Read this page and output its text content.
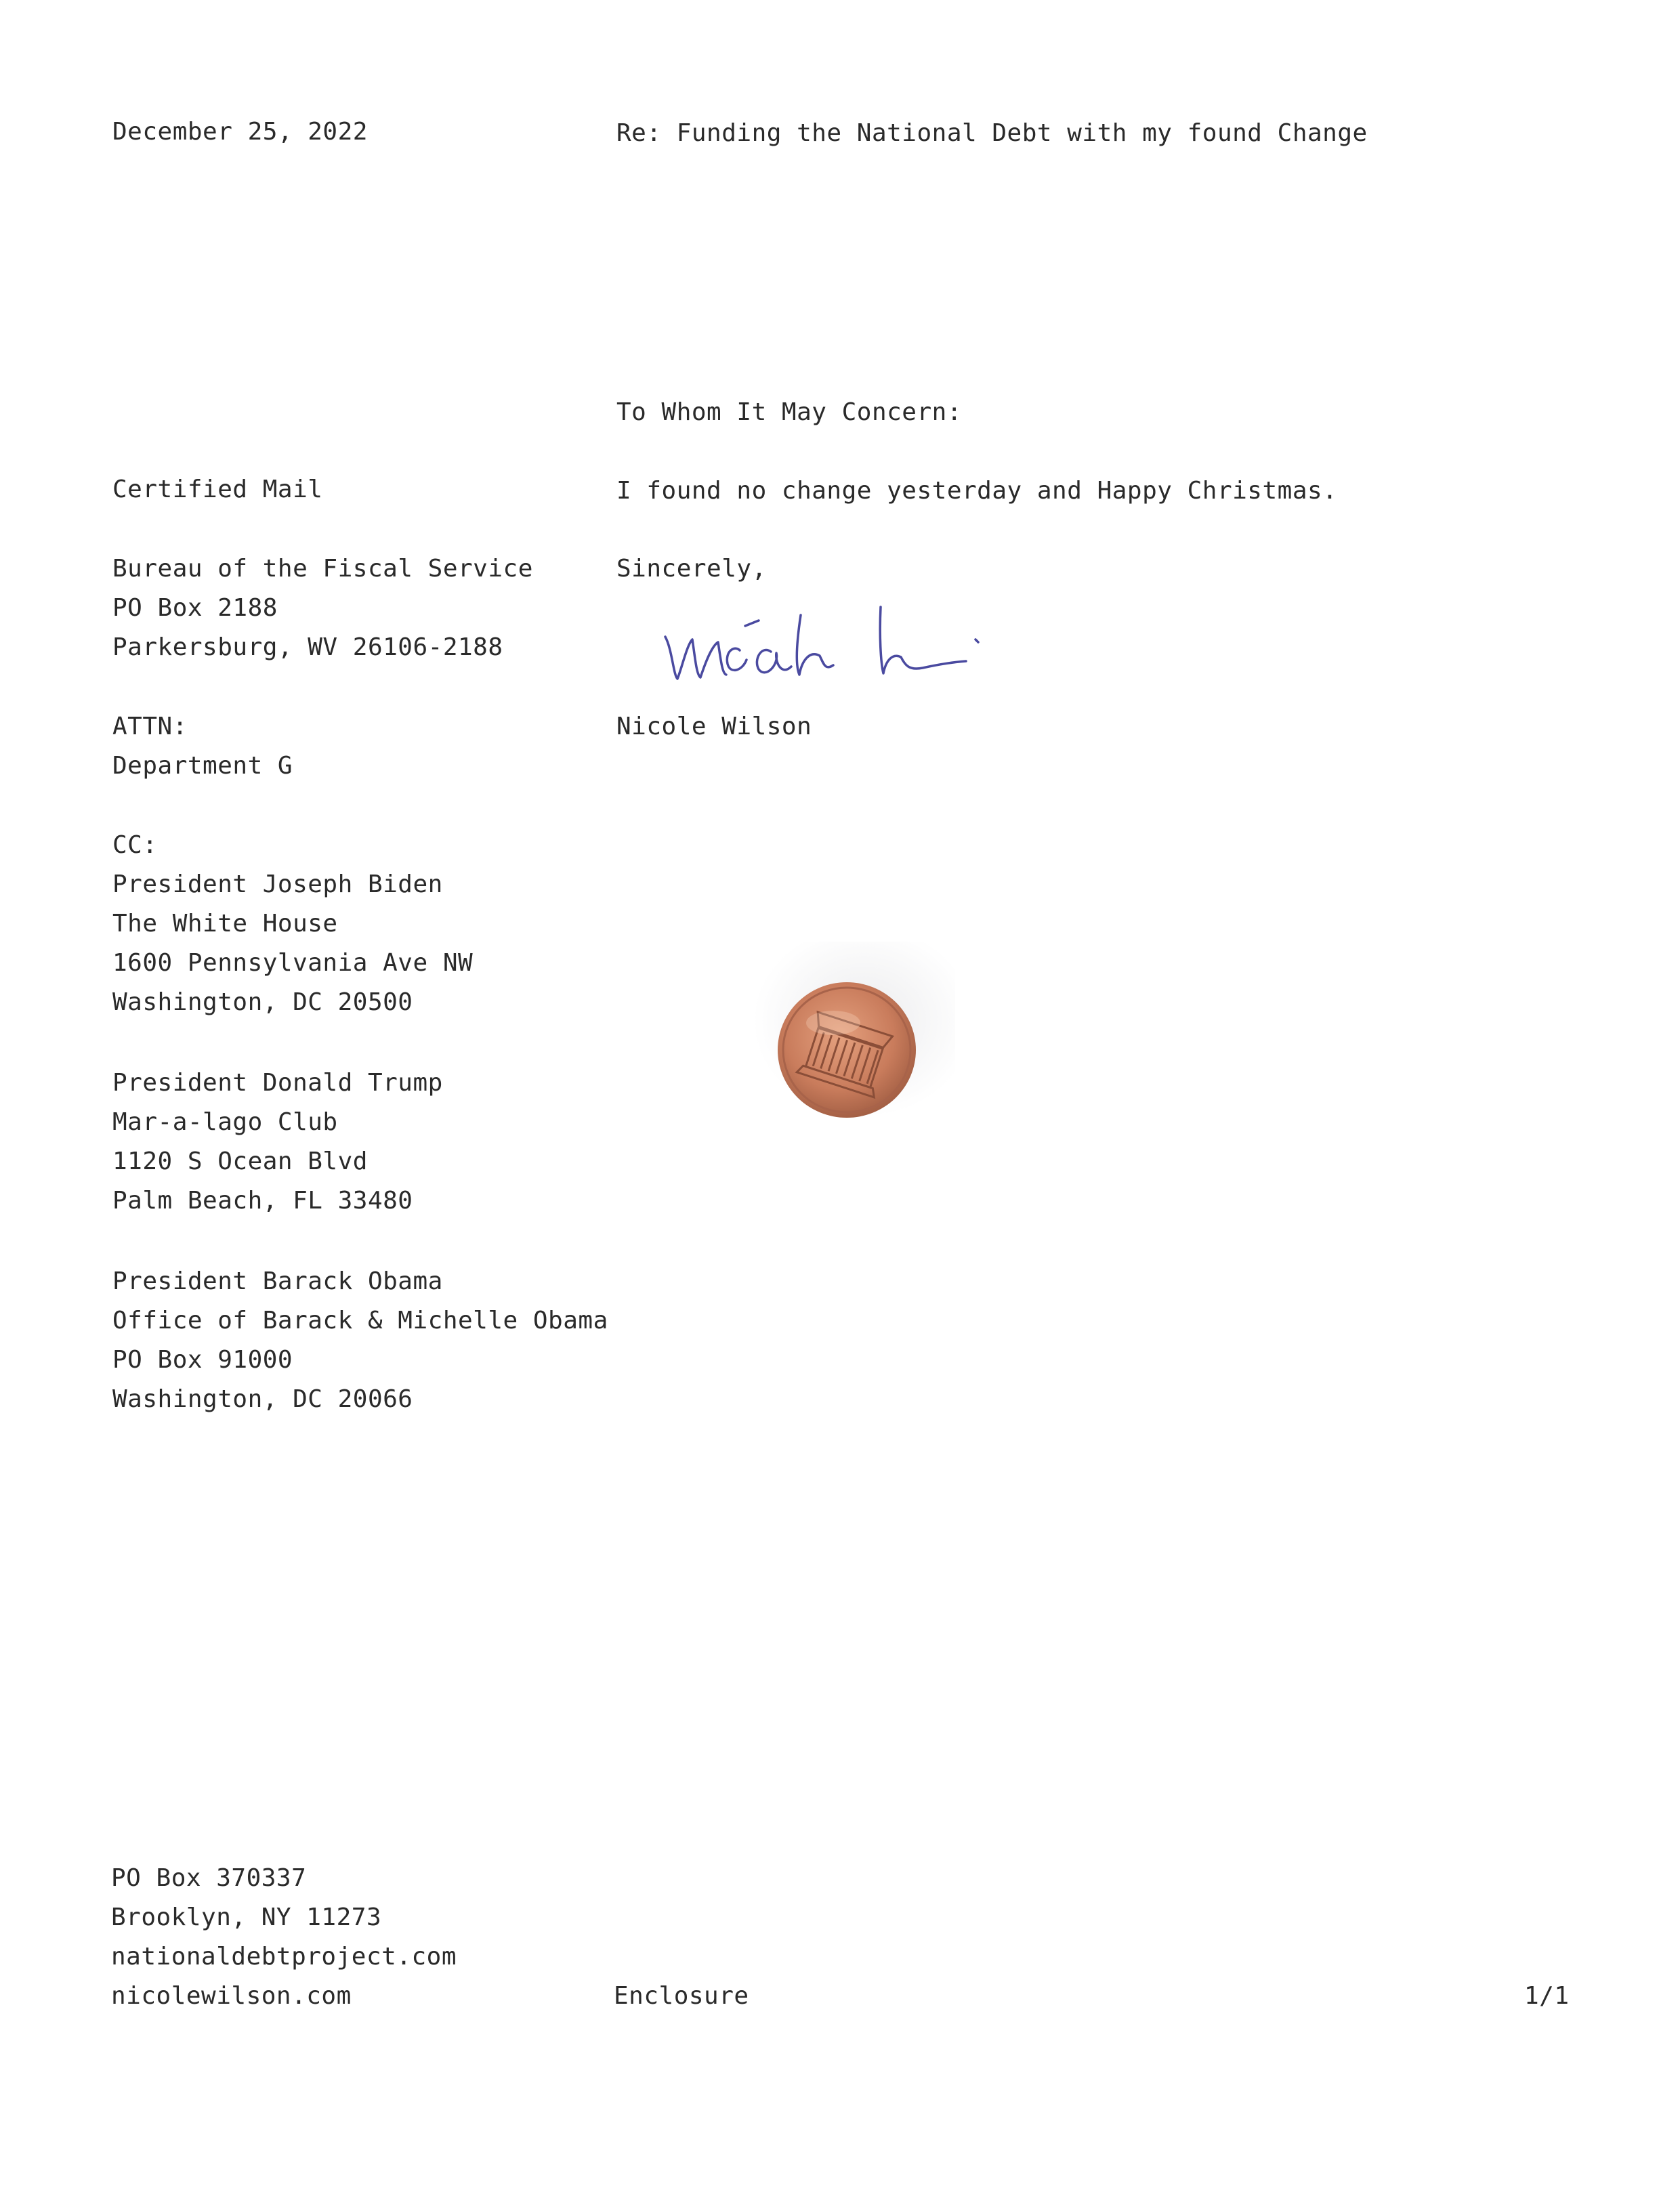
December 25, 2022	Re: Funding the National Debt with my found Change
Certified Mail
Bureau of the Fiscal Service
PO Box 2188
Parkersburg, WV 26106-2188
ATTN:
Department G
CC:
President Joseph Biden
The White House
1600 Pennsylvania Ave NW
Washington, DC 20500
President Donald Trump
Mar-a-lago Club
1120 S Ocean Blvd
Palm Beach, FL 33480
President Barack Obama
Office of Barack & Michelle Obama
PO Box 91000
Washington, DC 20066
To Whom It May Concern:
I found no change yesterday and Happy Christmas.
Sincerely,
Nicole Wilson
PO Box 370337
Brooklyn, NY 11273
nationaldebtproject.com
nicolewilson.com	Enclosure	1/1
